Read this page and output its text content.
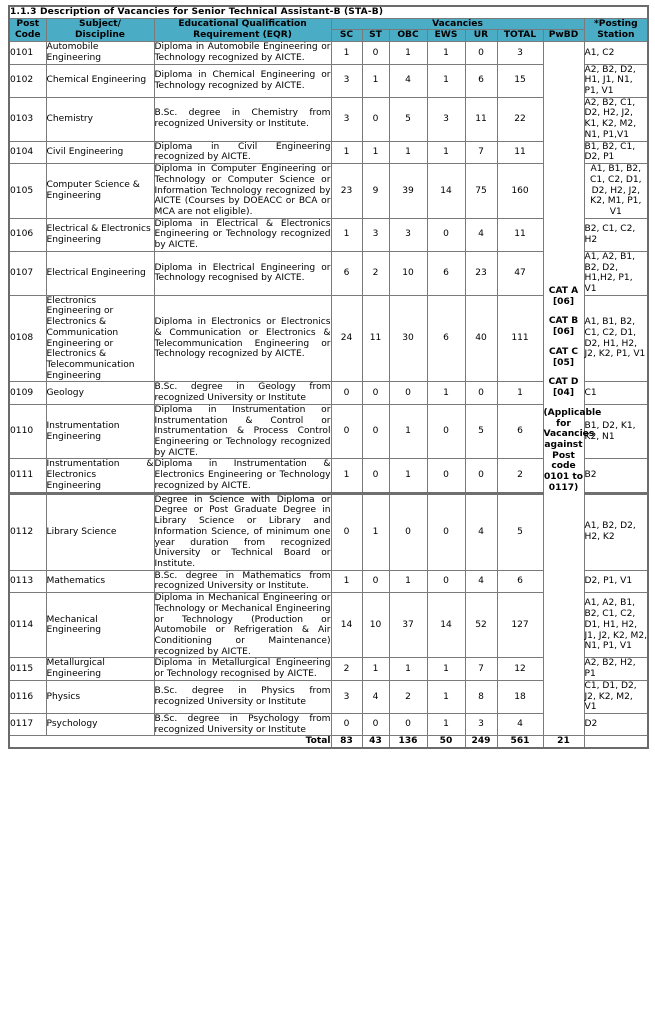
1.1.3 Description of Vacancies for Senior Technical Assistant-B (STA-B)										
Post
Code	Subject/
Discipline	Educational Qualification
Requirement (EQR)	Vacancies							*Posting
Station
			SC	ST	OBC	EWS	UR	TOTAL	PwBD	
0101	Automobile Engineering	Diploma in Automobile Engineering or Technology recognized by AICTE.	1	0	1	1	0	3	CAT A [06]
CAT B [06]
CAT C [05]
CAT D [04]
(Applicable for Vacancies against Post code 0101 to 0117)	A1, C2
0102	Chemical Engineering	Diploma in Chemical Engineering or Technology recognized by AICTE.	3	1	4	1	6	15		A2, B2, D2, H1, J1, N1, P1, V1
0103	Chemistry	B.Sc. degree in Chemistry from recognized University or Institute.	3	0	5	3	11	22		A2, B2, C1, D2, H2, J2, K1, K2, M2, N1, P1,V1
0104	Civil Engineering	Diploma in Civil Engineering recognized by AICTE.	1	1	1	1	7	11		B1, B2, C1, D2, P1
0105	Computer Science & Engineering	Diploma in Computer Engineering or Technology or Computer Science or Information Technology recognized by AICTE (Courses by DOEACC or BCA or MCA are not eligible).	23	9	39	14	75	160		A1, B1, B2, C1, C2, D1, D2, H2, J2, K2, M1, P1, V1
0106	Electrical & Electronics Engineering	Diploma in Electrical & Electronics Engineering or Technology recognized by AICTE.	1	3	3	0	4	11		B2, C1, C2, H2
0107	Electrical Engineering	Diploma in Electrical Engineering or Technology recognised by AICTE.	6	2	10	6	23	47		A1, A2, B1, B2, D2, H1,H2, P1, V1
0108	Electronics Engineering or Electronics & Communication Engineering or Electronics & Telecommunication Engineering	Diploma in Electronics or Electronics & Communication or Electronics & Telecommunication Engineering or Technology recognized by AICTE.	24	11	30	6	40	111		A1, B1, B2, C1, C2, D1, D2, H1, H2, J2, K2, P1, V1
0109	Geology	B.Sc. degree in Geology from recognized University or Institute	0	0	0	1	0	1		C1
0110	Instrumentation Engineering	Diploma in Instrumentation or Instrumentation & Control or Instrumentation & Process Control Engineering or Technology recognized by AICTE.	0	0	1	0	5	6		B1, D2, K1, K2, N1
0111	Instrumentation & Electronics Engineering	Diploma in Instrumentation & Electronics Engineering or Technology recognized by AICTE.	1	0	1	0	0	2		B2
0112	Library Science	Degree in Science with Diploma or Degree or Post Graduate Degree in Library Science or Library and Information Science, of minimum one year duration from recognized University or Technical Board or Institute.	0	1	0	0	4	5		A1, B2, D2, H2, K2
0113	Mathematics	B.Sc. degree in Mathematics from recognized University or Institute.	1	0	1	0	4	6		D2, P1, V1
0114	Mechanical Engineering	Diploma in Mechanical Engineering or Technology or Mechanical Engineering or Technology (Production or Automobile or Refrigeration & Air Conditioning or Maintenance) recognized by AICTE.	14	10	37	14	52	127		A1, A2, B1, B2, C1, C2, D1, H1, H2, J1, J2, K2, M2, N1, P1, V1
0115	Metallurgical Engineering	Diploma in Metallurgical Engineering or Technology recognised by AICTE.	2	1	1	1	7	12		A2, B2, H2, P1
0116	Physics	B.Sc. degree in Physics from recognized University or Institute	3	4	2	1	8	18		C1, D1, D2, J2, K2, M2, V1
0117	Psychology	B.Sc. degree in Psychology from recognized University or Institute	0	0	0	1	3	4		D2
Total			83	43	136	50	249	561	21	
